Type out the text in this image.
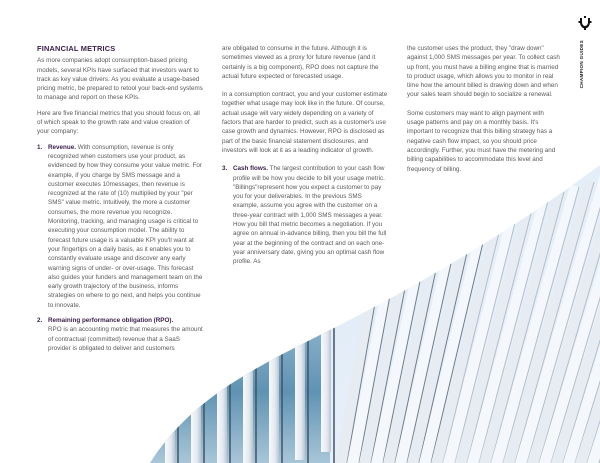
CHAMPION GUIDES
FINANCIAL METRICS

As more companies adopt consumption-based pricing models, several KPIs have surfaced that investors want to track as key value drivers. As you evaluate a usage-based pricing metric, be prepared to retool your back-end systems to manage and report on these KPIs.

Here are five financial metrics that you should focus on, all of which speak to the growth rate and value creation of your company:

1. Revenue. With consumption, revenue is only recognized when customers use your product, as evidenced by how they consume your value metric. For example, if you charge by SMS message and a customer executes 10messages, then revenue is recognized at the rate of (10) multiplied by your "per SMS" value metric. Intuitively, the more a customer consumes, the more revenue you recognize. Monitoring, tracking, and managing usage is critical to executing your consumption model. The ability to forecast future usage is a valuable KPI you'll want at your fingertips on a daily basis, as it enables you to constantly evaluate usage and discover any early warning signs of under- or over-usage. This forecast also guides your funders and management team on the early growth trajectory of the business, informs strategies on where to go next, and helps you continue to innovate.
2. Remaining performance obligation (RPO).
RPO is an accounting metric that measures the amount of contractual (committed) revenue that a SaaS provider is obligated to deliver and customers

are obligated to consume in the future. Although it is sometimes viewed as a proxy for future revenue (and it certainly is a big component), RPO does not capture the actual future expected or forecasted usage.

In a consumption contract, you and your customer estimate together what usage may look like in the future. Of course, actual usage will vary widely depending on a variety of factors that are harder to predict, such as a customer's use case growth and dynamics. However, RPO is disclosed as part of the basic financial statement disclosures, and investors will look at it as a leading indicator of growth.

3. Cash flows. The largest contribution to your cash flow profile will be how you decide to bill your usage metric. "Billings"represent how you expect a customer to pay you for your deliverables. In the previous SMS example, assume you agree with the customer on a three-year contract with 1,000 SMS messages a year. How you bill that metric becomes a negotiation. If you agree on annual in-advance billing, then you bill the full year at the beginning of the contract and on each one-year anniversary date, giving you an optimal cash flow profile. As

the customer uses the product, they "draw down" against 1,000 SMS messages per year. To collect cash up front, you must have a billing engine that is married to product usage, which allows you to monitor in real time how the amount billed is drawing down and when your sales team should begin to socialize a renewal.

Some customers may want to align payment with usage patterns and pay on a monthly basis. It's important to recognize that this billing strategy has a negative cash flow impact, so you should price accordingly. Further, you must have the metering and billing capabilities to accommodate this level and frequency of billing.
